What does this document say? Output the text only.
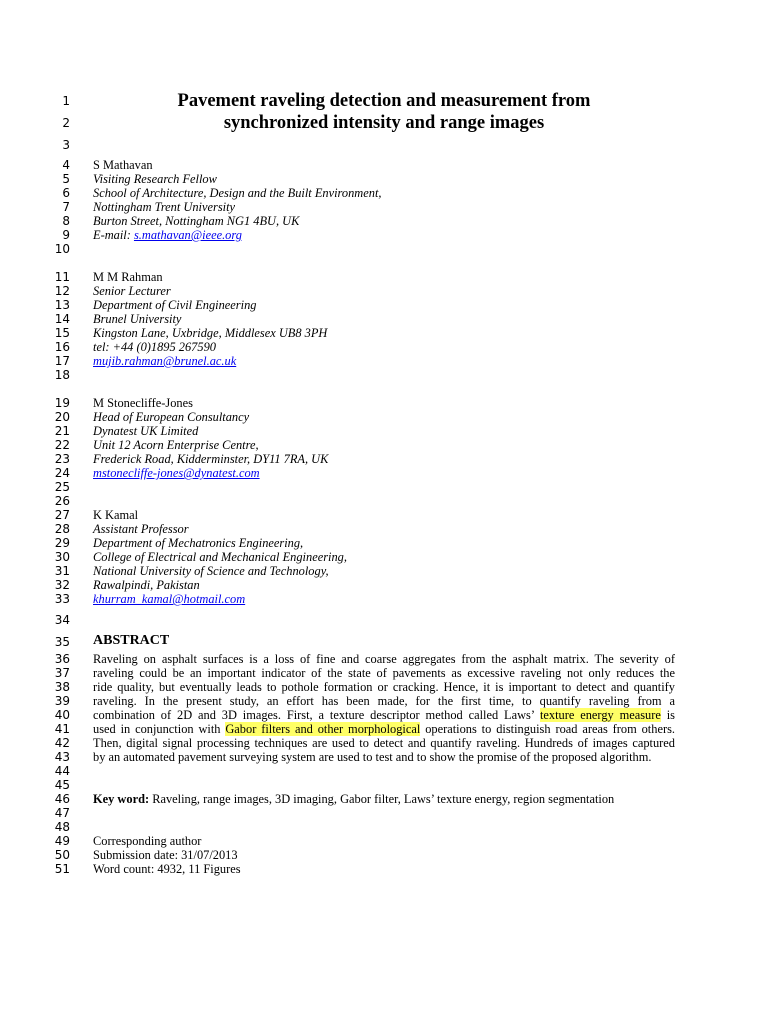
1
2
3
4
5
6
7
8
9
10
11
12
13
14
15
16
17
18
19
20
21
22
23
24
25
26
27
28
29
30
31
32
33
34
35
36
37
38
39
40
41
42
43
44
45
46
47
48
49
50
51
Pavement raveling detection and measurement from
synchronized intensity and range images
S Mathavan
Visiting Research Fellow
School of Architecture, Design and the Built Environment,
Nottingham Trent University
Burton Street, Nottingham NG1 4BU, UK
E-mail: s.mathavan@ieee.org
M M Rahman
Senior Lecturer
Department of Civil Engineering
Brunel University
Kingston Lane, Uxbridge, Middlesex UB8 3PH
tel: +44 (0)1895 267590
mujib.rahman@brunel.ac.uk
M Stonecliffe-Jones
Head of European Consultancy
Dynatest UK Limited
Unit 12 Acorn Enterprise Centre,
Frederick Road, Kidderminster, DY11 7RA, UK
mstonecliffe-jones@dynatest.com
K Kamal
Assistant Professor
Department of Mechatronics Engineering,
College of Electrical and Mechanical Engineering,
National University of Science and Technology,
Rawalpindi, Pakistan
khurram_kamal@hotmail.com
ABSTRACT
Raveling on asphalt surfaces is a loss of fine and coarse aggregates from the asphalt matrix. The severity of
raveling could be an important indicator of the state of pavements as excessive raveling not only reduces the
ride quality, but eventually leads to pothole formation or cracking. Hence, it is important to detect and quantify
raveling. In the present study, an effort has been made, for the first time, to quantify raveling from a
combination of 2D and 3D images. First, a texture descriptor method called Laws’ texture energy measure is
used in conjunction with Gabor filters and other morphological operations to distinguish road areas from others.
Then, digital signal processing techniques are used to detect and quantify raveling. Hundreds of images captured
by an automated pavement surveying system are used to test and to show the promise of the proposed algorithm.
Key word: Raveling, range images, 3D imaging, Gabor filter, Laws’ texture energy, region segmentation
Corresponding author
Submission date: 31/07/2013
Word count: 4932, 11 Figures
